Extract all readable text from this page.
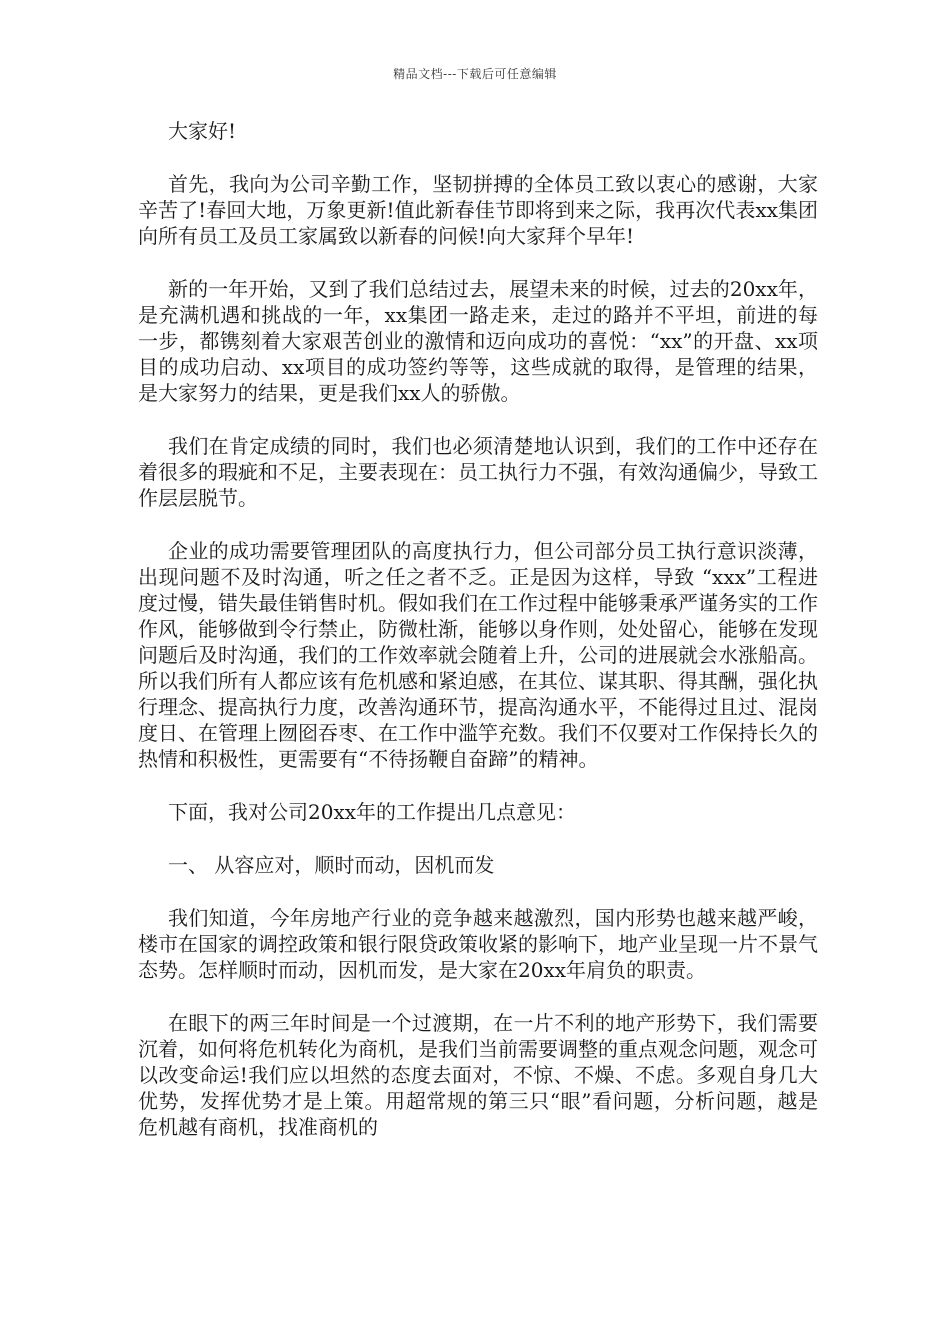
精品文档---下载后可任意编辑

大家好!

首先，我向为公司辛勤工作，坚韧拼搏的全体员工致以衷心的感谢，大家辛苦了!春回大地，万象更新!值此新春佳节即将到来之际，我再次代表xx集团向所有员工及员工家属致以新春的问候!向大家拜个早年!

新的一年开始，又到了我们总结过去，展望未来的时候，过去的20xx年，是充满机遇和挑战的一年，xx集团一路走来，走过的路并不平坦，前进的每一步，都镌刻着大家艰苦创业的激情和迈向成功的喜悦：“xx”的开盘、xx项目的成功启动、xx项目的成功签约等等，这些成就的取得，是管理的结果，是大家努力的结果，更是我们xx人的骄傲。

我们在肯定成绩的同时，我们也必须清楚地认识到，我们的工作中还存在着很多的瑕疵和不足，主要表现在：员工执行力不强，有效沟通偏少，导致工作层层脱节。

企业的成功需要管理团队的高度执行力，但公司部分员工执行意识淡薄，出现问题不及时沟通，听之任之者不乏。正是因为这样，导致 “xxx”工程进度过慢，错失最佳销售时机。假如我们在工作过程中能够秉承严谨务实的工作作风，能够做到令行禁止，防微杜渐，能够以身作则，处处留心，能够在发现问题后及时沟通，我们的工作效率就会随着上升，公司的进展就会水涨船高。所以我们所有人都应该有危机感和紧迫感，在其位、谋其职、得其酬，强化执行理念、提高执行力度，改善沟通环节，提高沟通水平，不能得过且过、混岗度日、在管理上囫囵吞枣、在工作中滥竽充数。我们不仅要对工作保持长久的热情和积极性，更需要有“不待扬鞭自奋蹄”的精神。

下面，我对公司20xx年的工作提出几点意见：

一、 从容应对，顺时而动，因机而发

我们知道，今年房地产行业的竞争越来越激烈，国内形势也越来越严峻，楼市在国家的调控政策和银行限贷政策收紧的影响下，地产业呈现一片不景气态势。怎样顺时而动，因机而发，是大家在20xx年肩负的职责。

在眼下的两三年时间是一个过渡期，在一片不利的地产形势下，我们需要沉着，如何将危机转化为商机，是我们当前需要调整的重点观念问题，观念可以改变命运!我们应以坦然的态度去面对，不惊、不燥、不虑。多观自身几大优势，发挥优势才是上策。用超常规的第三只“眼”看问题，分析问题，越是危机越有商机，找准商机的
